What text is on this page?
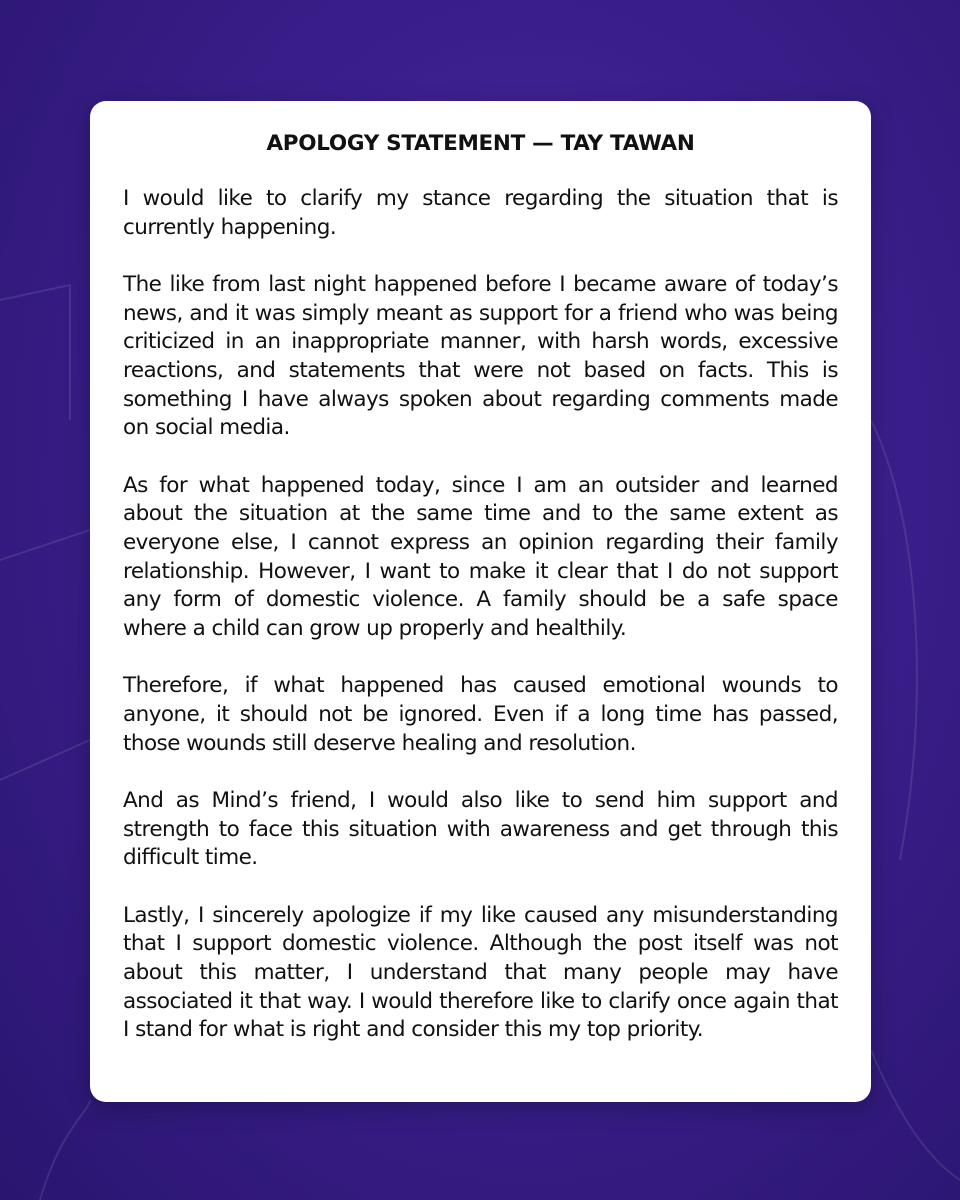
APOLOGY STATEMENT — TAY TAWAN

I would like to clarify my stance regarding the situation that is currently happening.

The like from last night happened before I became aware of today’s news, and it was simply meant as support for a friend who was being criticized in an inappropriate manner, with harsh words, excessive reactions, and statements that were not based on facts. This is something I have always spoken about regarding comments made on social media.

As for what happened today, since I am an outsider and learned about the situation at the same time and to the same extent as everyone else, I cannot express an opinion regarding their family relationship. However, I want to make it clear that I do not support any form of domestic violence. A family should be a safe space where a child can grow up properly and healthily.

Therefore, if what happened has caused emotional wounds to anyone, it should not be ignored. Even if a long time has passed, those wounds still deserve healing and resolution.

And as Mind’s friend, I would also like to send him support and strength to face this situation with awareness and get through this difficult time.

Lastly, I sincerely apologize if my like caused any misunderstanding that I support domestic violence. Although the post itself was not about this matter, I understand that many people may have associated it that way. I would therefore like to clarify once again that I stand for what is right and consider this my top priority.
